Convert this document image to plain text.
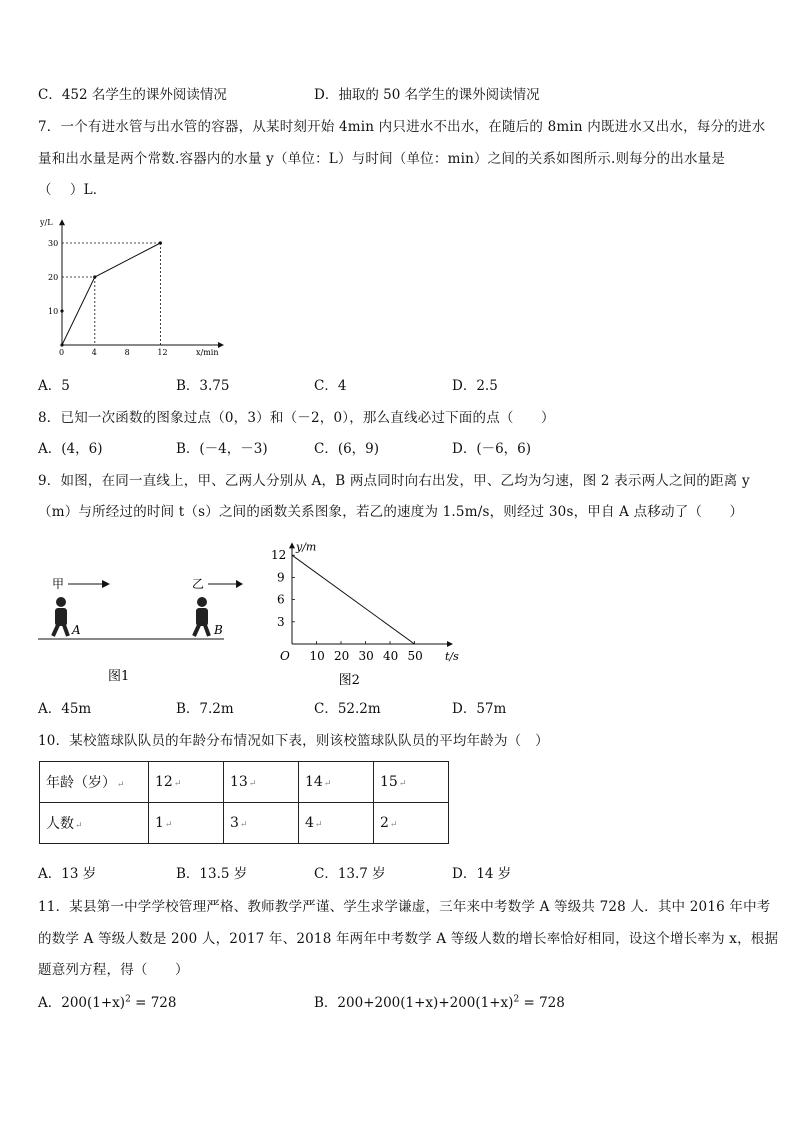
C．452 名学生的课外阅读情况	D．抽取的 50 名学生的课外阅读情况
7．一个有进水管与出水管的容器，从某时刻开始 4min 内只进水不出水，在随后的 8min 内既进水又出水，每分的进水
量和出水量是两个常数.容器内的水量 y（单位：L）与时间（单位：min）之间的关系如图所示.则每分的出水量是
（　 ）L．
y/L
x/min
0	4	8	12
10
20
30
A．5	B．3.75	C．4	D．2.5
8．已知一次函数的图象过点（0，3）和（－2，0），那么直线必过下面的点（　　）
A．(4，6)	B．(－4，－3)	C．(6，9)	D．(－6，6)
9．如图，在同一直线上，甲、乙两人分别从 A，B 两点同时向右出发，甲、乙均为匀速，图 2 表示两人之间的距离 y
（m）与所经过的时间 t（s）之间的函数关系图象，若乙的速度为 1.5m/s，则经过 30s，甲自 A 点移动了（　　）
甲	乙
A	B
图1
y/m
t/s
O 10 20 30 40 50
3
6
9
12
图2
A．45m	B．7.2m	C．52.2m	D．57m
10．某校篮球队队员的年龄分布情况如下表，则该校篮球队队员的平均年龄为（　）
年龄（岁）↵	12↵	13↵	14↵	15↵
人数↵	1↵	3↵	4↵	2↵
A．13 岁	B．13.5 岁	C．13.7 岁	D．14 岁
11．某县第一中学学校管理严格、教师教学严谨、学生求学谦虚，三年来中考数学 A 等级共 728 人．其中 2016 年中考
的数学 A 等级人数是 200 人，2017 年、2018 年两年中考数学 A 等级人数的增长率恰好相同，设这个增长率为 x，根据
题意列方程，得（　　）
A．$200(1+x)^2 = 728$	B．$200+200(1+x)+200(1+x)^2 = 728$
